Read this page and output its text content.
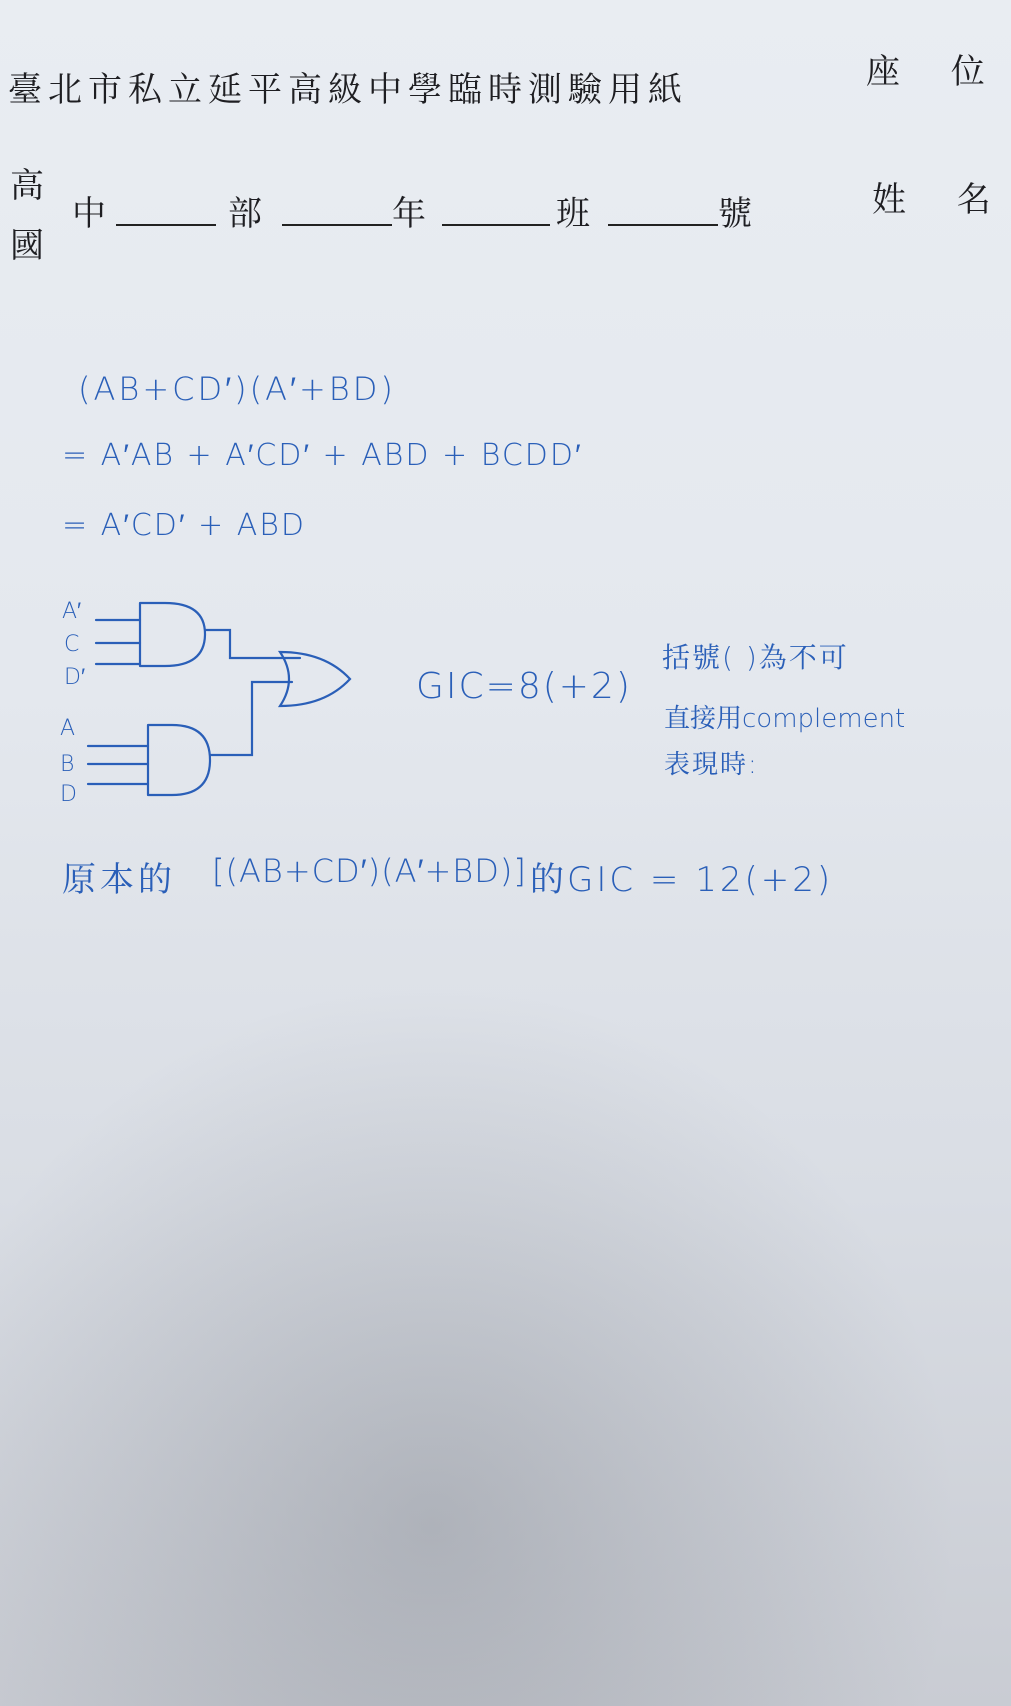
臺北市私立延平高級中學臨時測驗用紙	座 位
高
國
中	部	年	班	號	姓 名
(AB+CD′)(A′+BD)
= A′AB + A′CD′ + ABD + BCDD′
= A′CD′ + ABD
A′
C
D′
A
B
D
GIC=8(+2)
括號( )為不可
直接用complement
表現時:
原本的 [(AB+CD′)(A′+BD)] 的GIC = 12(+2)
